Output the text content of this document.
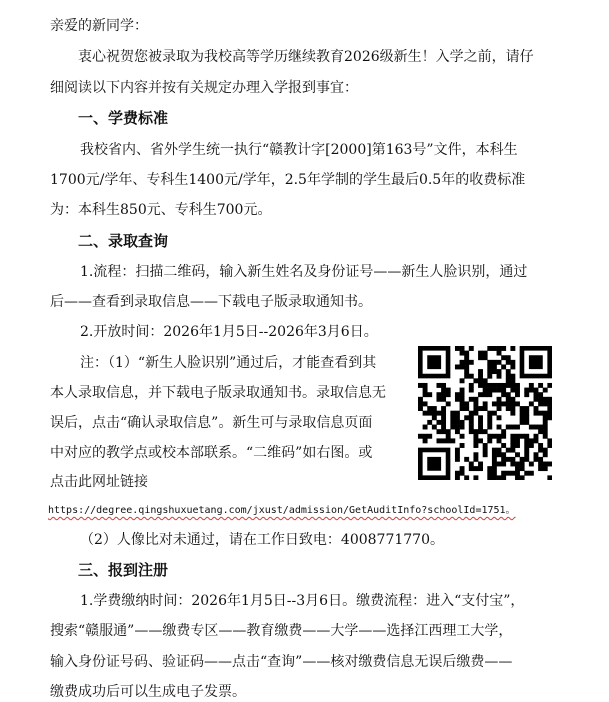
亲爱的新同学：
衷心祝贺您被录取为我校高等学历继续教育2026级新生！入学之前，请仔
细阅读以下内容并按有关规定办理入学报到事宜：
一、学费标准
我校省内、省外学生统一执行“赣教计字[2000]第163号”文件，本科生
1700元/学年、专科生1400元/学年，2.5年学制的学生最后0.5年的收费标准
为：本科生850元、专科生700元。
二、录取查询
1.流程：扫描二维码，输入新生姓名及身份证号——新生人脸识别，通过
后——查看到录取信息——下载电子版录取通知书。
2.开放时间：2026年1月5日--2026年3月6日。
注：（1）“新生人脸识别”通过后，才能查看到其
本人录取信息，并下载电子版录取通知书。录取信息无
误后，点击“确认录取信息”。新生可与录取信息页面
中对应的教学点或校本部联系。“二维码”如右图。或
点击此网址链接
https://degree.qingshuxuetang.com/jxust/admission/GetAuditInfo?schoolId=1751。
（2）人像比对未通过，请在工作日致电：4008771770。
三、报到注册
1.学费缴纳时间：2026年1月5日--3月6日。缴费流程：进入“支付宝”，
搜索“赣服通”——缴费专区——教育缴费——大学——选择江西理工大学，
输入身份证号码、验证码——点击“查询”——核对缴费信息无误后缴费——
缴费成功后可以生成电子发票。
